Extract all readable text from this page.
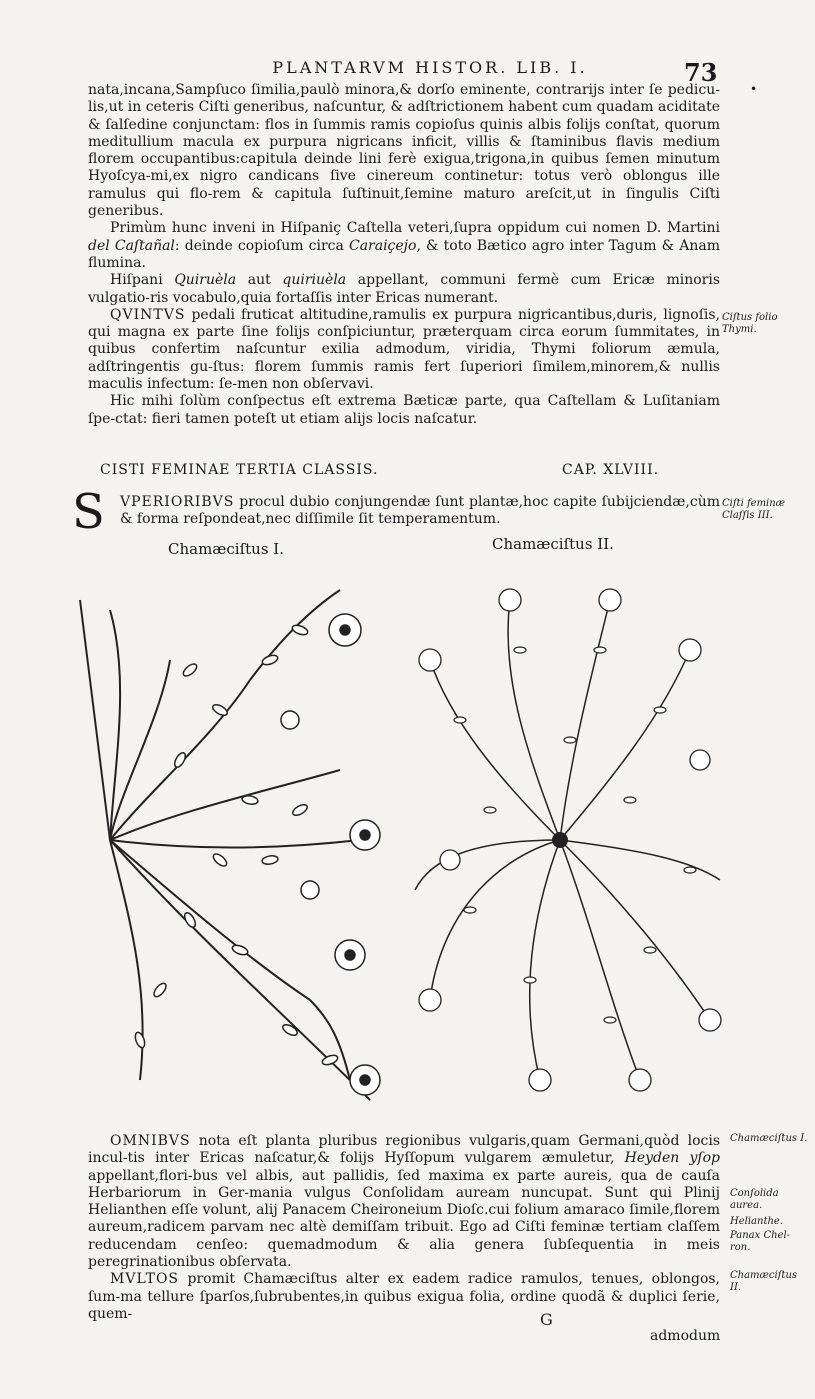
PLANTARVM HISTOR. LIB. I.	73
•

nata,incana,Sampſuco ſimilia,paulò minora,& dorſo eminente, contrarijs inter ſe pedicu-lis,ut in ceteris Ciſti generibus, naſcuntur, & adſtrictionem habent cum quadam aciditate & ſalſedine conjunctam: flos in ſummis ramis copioſus quinis albis folijs conſtat, quorum meditullium macula ex purpura nigricans inficit, villis & ſtaminibus flavis medium florem occupantibus:capitula deinde lini ferè exigua,trigona,in quibus ſemen minutum Hyoſcya-mi,ex nigro candicans ſive cinereum continetur: totus verò oblongus ille ramulus qui flo-rem & capitula ſuſtinuit,ſemine maturo areſcit,ut in ſingulis Ciſti generibus.

Primùm hunc inveni in Hiſpaniç Caſtella veteri,ſupra oppidum cui nomen D. Martini del Caſtañal: deinde copioſum circa Caraiçejo, & toto Bætico agro inter Tagum & Anam flumina.

Hiſpani Quiruèla aut quiriuèla appellant, communi fermè cum Ericæ minoris vulgatio-ris vocabulo,quia fortaſſis inter Ericas numerant.

QVINTVS pedali fruticat altitudine,ramulis ex purpura nigricantibus,duris, lignoſis, qui magna ex parte ſine folijs conſpiciuntur, præterquam circa eorum ſummitates, in quibus confertim naſcuntur exilia admodum, viridia, Thymi foliorum æmula, adſtringentis gu-ſtus: florem ſummis ramis fert ſuperiori ſimilem,minorem,& nullis maculis infectum: ſe-men non obſervavi.

Hic mihi ſolùm conſpectus eſt extrema Bæticæ parte, qua Caſtellam & Luſitaniam ſpe-ctat: fieri tamen poteſt ut etiam alijs locis naſcatur.

Ciſtus folio Thymi.
Ciſti feminæ Claſſis III.
CISTI FEMINAE TERTIA CLASSIS.	CAP. XLVIII.
S VPERIORIBVS procul dubio conjungendæ ſunt plantæ,hoc capite ſubijciendæ,cùm & forma reſpondeat,nec diſſimile ſit temperamentum.

Chamæciſtus I.	Chamæciſtus II.

OMNIBVS nota eſt planta pluribus regionibus vulgaris,quam Germani,quòd locis incul-tis inter Ericas naſcatur,& folijs Hyſſopum vulgarem æmuletur, Heyden yſop appellant,flori-bus vel albis, aut pallidis, ſed maxima ex parte aureis, qua de cauſa Herbariorum in Ger-mania vulgus Conſolidam auream nuncupat. Sunt qui Plinij Helianthen eſſe volunt, alij Panacem Cheironeium Dioſc.cui folium amaraco ſimile,florem aureum,radicem parvam nec altè demiſſam tribuit. Ego ad Ciſti feminæ tertiam claſſem reducendam cenſeo: quemadmodum & alia genera ſubſequentia in meis peregrinationibus obſervata.

MVLTOS promit Chamæciſtus alter ex eadem radice ramulos, tenues, oblongos, ſum-ma tellure ſparſos,ſubrubentes,in quibus exigua folia, ordine quodã & duplici ſerie, quem-

Chamæciſtus I.
Conſolida aurea.
Helianthe.
Panax Chel-ron.
Chamæciſtus II.
G
admodum
